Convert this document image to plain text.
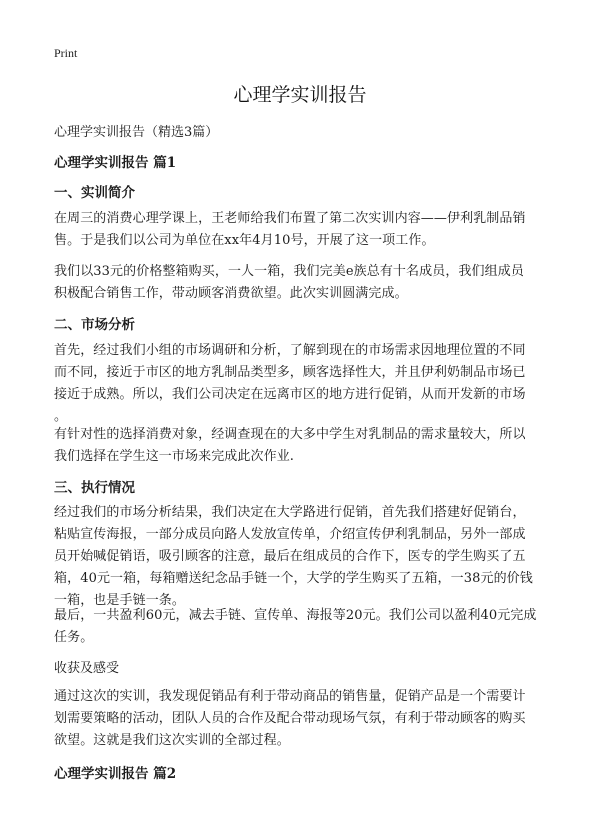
Print
心理学实训报告

心理学实训报告（精选3篇）

心理学实训报告 篇1
一、实训简介
在周三的消费心理学课上，王老师给我们布置了第二次实训内容——伊利乳制品销
售。于是我们以公司为单位在xx年4月10号，开展了这一项工作。
我们以33元的价格整箱购买，一人一箱，我们完美e族总有十名成员，我们组成员
积极配合销售工作，带动顾客消费欲望。此次实训圆满完成。
二、市场分析
首先，经过我们小组的市场调研和分析，了解到现在的市场需求因地理位置的不同
而不同，接近于市区的地方乳制品类型多，顾客选择性大，并且伊利奶制品市场已
接近于成熟。所以，我们公司决定在远离市区的地方进行促销，从而开发新的市场
。
有针对性的选择消费对象，经调查现在的大多中学生对乳制品的需求量较大，所以
我们选择在学生这一市场来完成此次作业.
三、执行情况
经过我们的市场分析结果，我们决定在大学路进行促销，首先我们搭建好促销台，
粘贴宣传海报，一部分成员向路人发放宣传单，介绍宣传伊利乳制品，另外一部成
员开始喊促销语，吸引顾客的注意，最后在组成员的合作下，医专的学生购买了五
箱，40元一箱，每箱赠送纪念品手链一个，大学的学生购买了五箱，一38元的价钱
一箱，也是手链一条。
最后，一共盈利60元，减去手链、宣传单、海报等20元。我们公司以盈利40元完成
任务。

收获及感受

通过这次的实训，我发现促销品有利于带动商品的销售量，促销产品是一个需要计
划需要策略的活动，团队人员的合作及配合带动现场气氛，有利于带动顾客的购买
欲望。这就是我们这次实训的全部过程。
心理学实训报告 篇2
